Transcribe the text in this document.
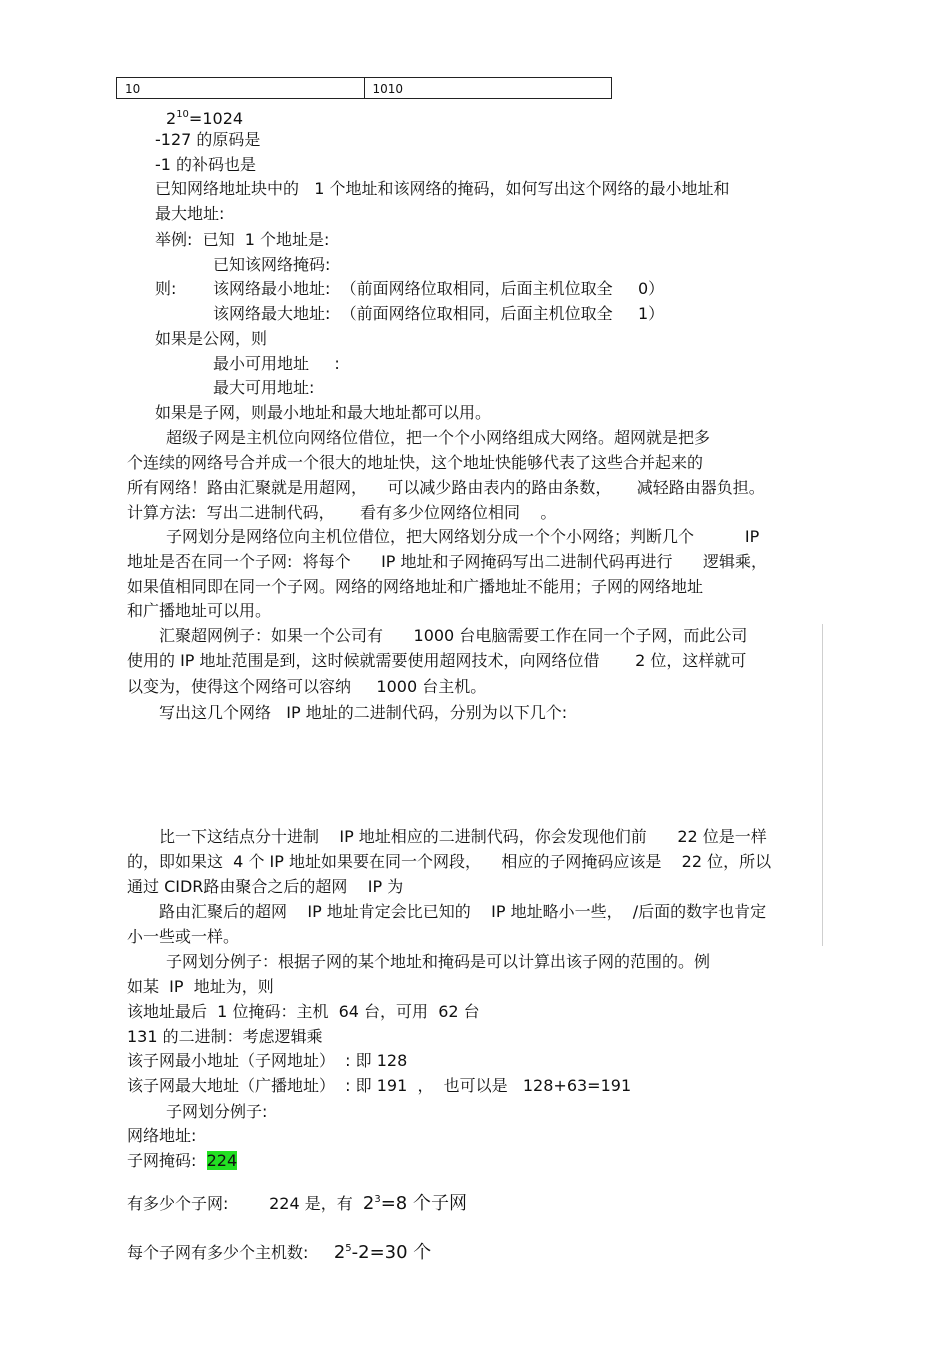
10	1010
$2^{10}=1024$
-127 的原码是
-1 的补码也是
已知网络地址块中的   1 个地址和该网络的掩码，如何写出这个网络的最小地址和
最大地址:
举例:  已知  1 个地址是:
已知该网络掩码:
则: 该网络最小地址:  （前面网络位取相同，后面主机位取全     0）
该网络最大地址:  （前面网络位取相同，后面主机位取全     1）
如果是公网，则
最小可用地址     :
最大可用地址:
如果是子网，则最小地址和最大地址都可以用。
超级子网是主机位向网络位借位，把一个个小网络组成大网络。超网就是把多
个连续的网络号合并成一个很大的地址快，这个地址快能够代表了这些合并起来的
所有网络！路由汇聚就是用超网，    可以减少路由表内的路由条数，     减轻路由器负担。
计算方法:  写出二进制代码，     看有多少位网络位相同    。
子网划分是网络位向主机位借位，把大网络划分成一个个小网络；判断几个          IP
地址是否在同一个子网:  将每个      IP 地址和子网掩码写出二进制代码再进行      逻辑乘，
如果值相同即在同一个子网。网络的网络地址和广播地址不能用；子网的网络地址
和广播地址可以用。
汇聚超网例子：如果一个公司有      1000 台电脑需要工作在同一个子网，而此公司
使用的 IP 地址范围是到，这时候就需要使用超网技术，向网络位借       2 位，这样就可
以变为，使得这个网络可以容纳     1000 台主机。
写出这几个网络   IP 地址的二进制代码，分别为以下几个:
比一下这结点分十进制    IP 地址相应的二进制代码，你会发现他们前      22 位是一样
的，即如果这  4 个 IP 地址如果要在同一个网段，    相应的子网掩码应该是    22 位，所以
通过 CIDR路由聚合之后的超网    IP 为
路由汇聚后的超网    IP 地址肯定会比已知的    IP 地址略小一些，  /后面的数字也肯定
小一些或一样。
子网划分例子：根据子网的某个地址和掩码是可以计算出该子网的范围的。例
如某  IP  地址为，则
该地址最后  1 位掩码：主机  64 台，可用  62 台
131 的二进制：考虑逻辑乘
该子网最小地址（子网地址）  : 即 128
该子网最大地址（广播地址）  : 即 191  ，  也可以是   128+63=191
子网划分例子:
网络地址:
子网掩码:  224
有多少个子网:        224 是，有  $2^3=8$ 个子网
每个子网有多少个主机数:     $2^5-2=30$ 个
